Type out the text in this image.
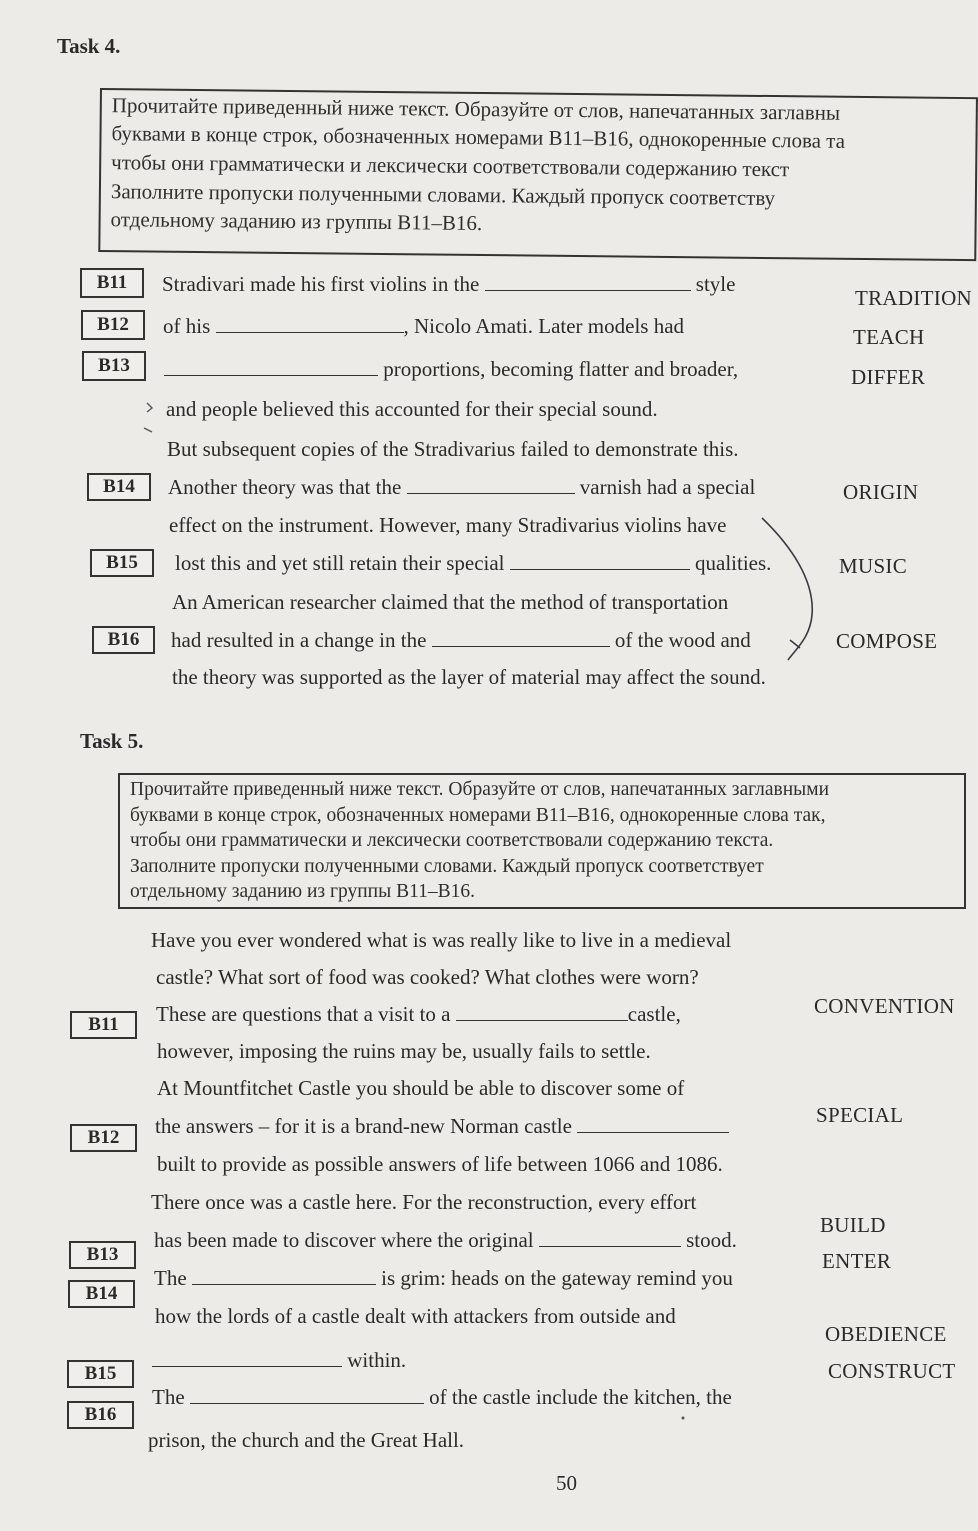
Task 4.

Прочитайте приведенный ниже текст. Образуйте от слов, напечатанных заглавны

буквами в конце строк, обозначенных номерами B11–B16, однокоренные слова та

чтобы они грамматически и лексически соответствовали содержанию текст

Заполните пропуски полученными словами. Каждый пропуск соответству

отдельному заданию из группы B11–B16.

B11
B12
B13
B14
B15
B16
Stradivari made his first violins in the	style
of his	, Nicolo Amati. Later models had
proportions, becoming flatter and broader,
and people believed this accounted for their special sound.
But subsequent copies of the Stradivarius failed to demonstrate this.
Another theory was that the	varnish had a special
effect on the instrument. However, many Stradivarius violins have
lost this and yet still retain their special	qualities.
An American researcher claimed that the method of transportation
had resulted in a change in the	of the wood and
the theory was supported as the layer of material may affect the sound.
TRADITION
TEACH
DIFFER
ORIGIN
MUSIC
COMPOSE
Task 5.

Прочитайте приведенный ниже текст. Образуйте от слов, напечатанных заглавными

буквами в конце строк, обозначенных номерами B11–B16, однокоренные слова так,

чтобы они грамматически и лексически соответствовали содержанию текста.

Заполните пропуски полученными словами. Каждый пропуск соответствует

отдельному заданию из группы B11–B16.

B11
B12
B13
B14
B15
B16
Have you ever wondered what is was really like to live in a medieval
castle? What sort of food was cooked? What clothes were worn?
These are questions that a visit to a	castle,
however, imposing the ruins may be, usually fails to settle.
At Mountfitchet Castle you should be able to discover some of
the answers – for it is a brand-new Norman castle
built to provide as possible answers of life between 1066 and 1086.
There once was a castle here. For the reconstruction, every effort
has been made to discover where the original	stood.
The	is grim: heads on the gateway remind you
how the lords of a castle dealt with attackers from outside and
within.
The	of the castle include the kitchen, the
prison, the church and the Great Hall.
CONVENTION
SPECIAL
BUILD
ENTER
OBEDIENCE
CONSTRUCT
50
